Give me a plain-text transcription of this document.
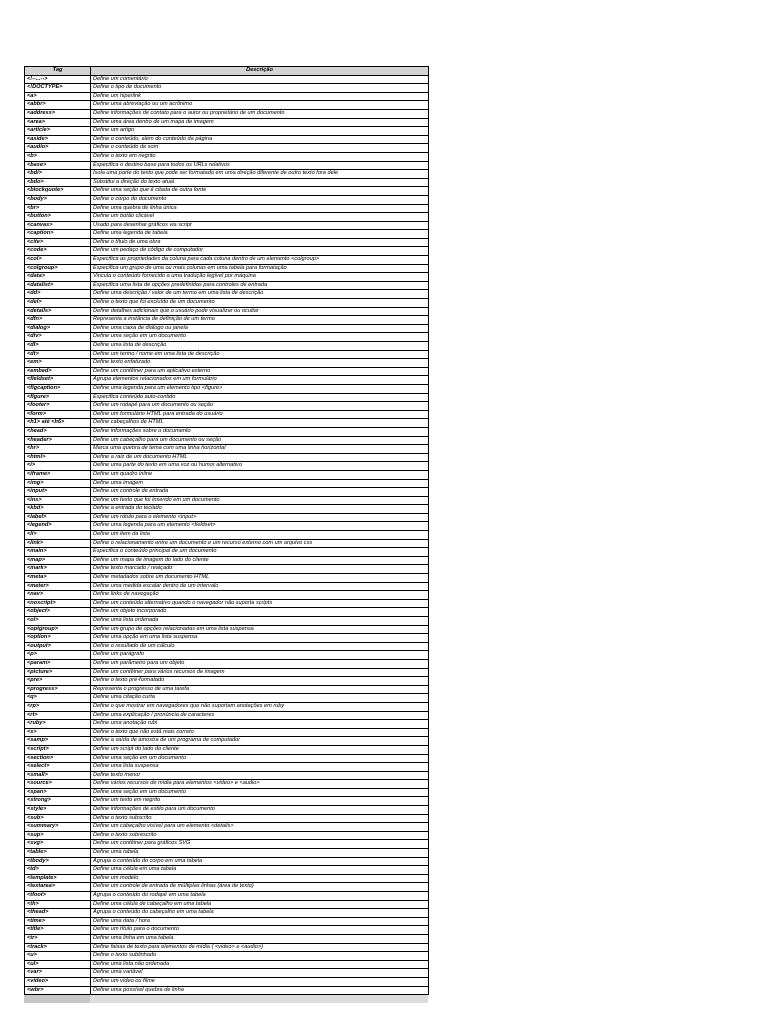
Tag	Descrição
<!--...-->	Define um comentário
<!DOCTYPE>	Define o tipo de documento
<a>	Define um hiperlink
<abbr>	Define uma abreviação ou um acrônimo
<address>	Define informações de contato para o autor ou proprietário de um documento
<area>	Define uma área dentro de um mapa de imagem
<article>	Define um artigo
<aside>	Define o conteúdo, além do conteúdo da página
<audio>	Define o conteúdo de som
<b>	Define o texto em negrito
<base>	Especifica o destino base para todos os URLs relativos
<bdi>	Isola uma parte do texto que pode ser formatado em uma direção diferente de outro texto fora dele
<bdo>	Substitui a direção do texto atual
<blockquote>	Define uma seção que é citada de outra fonte
<body>	Define o corpo do documento
<br>	Define uma quebra de linha única
<button>	Define um botão clicável
<canvas>	Usado para desenhar gráficos via script
<caption>	Define uma legenda de tabela
<cite>	Define o título de uma obra
<code>	Define um pedaço de código de computador
<col>	Especifica as propriedades da coluna para cada coluna dentro de um elemento <colgroup>
<colgroup>	Especifica um grupo de uma ou mais colunas em uma tabela para formatação
<data>	Vincula o conteúdo fornecido a uma tradução legível por máquina
<datalist>	Especifica uma lista de opções predefinidas para controles de entrada
<dd>	Define uma descrição / valor de um termo em uma lista de descrição
<del>	Define o texto que foi excluído de um documento
<details>	Define detalhes adicionais que o usuário pode visualizar ou ocultar
<dfn>	Representa a instância de definição de um termo
<dialog>	Define uma caixa de diálogo ou janela
<div>	Define uma seção em um documento
<dl>	Define uma lista de descrição
<dt>	Define um termo / nome em uma lista de descrição
<em>	Define texto enfatizado
<embed>	Define um contêiner para um aplicativo externo
<fieldset>	Agrupa elementos relacionados em um formulário
<figcaption>	Define uma legenda para um elemento tipo <figure>
<figure>	Especifica conteúdo auto-contido
<footer>	Define um rodapé para um documento ou seção
<form>	Define um formulário HTML para entrada do usuário
<h1> até <h6>	Define cabeçalhos de HTML
<head>	Define informações sobre o documento
<header>	Define um cabeçalho para um documento ou seção
<hr>	Marca uma quebra de tema com uma linha horizontal
<html>	Define a raiz de um documento HTML
<i>	Define uma parte do texto em uma voz ou humor alternativo
<iframe>	Define um quadro inline
<img>	Define uma imagem
<input>	Define um controle de entrada
<ins>	Define um texto que foi inserido em um documento
<kbd>	Define a entrada do teclado
<label>	Define um rótulo para o elemento <input>
<legend>	Define uma legenda para um elemento <fieldset>
<li>	Define um item da lista
<link>	Define o relacionamento entre um documento e um recurso externo com um arquivo css
<main>	Especifica o conteúdo principal de um documento
<map>	Define um mapa de imagem do lado do cliente
<mark>	Define texto marcado / realçado
<meta>	Define metadados sobre um documento HTML
<meter>	Define uma medida escalar dentro de um intervalo
<nav>	Define links de navegação
<noscript>	Define um conteúdo alternativo quando o navegador não suporta scripts
<object>	Define um objeto incorporado
<ol>	Define uma lista ordenada
<optgroup>	Define um grupo de opções relacionadas em uma lista suspensa
<option>	Define uma opção em uma lista suspensa
<output>	Define o resultado de um cálculo
<p>	Define um parágrafo
<param>	Define um parâmetro para um objeto
<picture>	Define um contêiner para vários recursos de imagem
<pre>	Define o texto pré-formatado
<progress>	Representa o progresso de uma tarefa
<q>	Define uma citação curta
<rp>	Define o que mostrar em navegadores que não suportam anotações em ruby
<rt>	Define uma explicação / pronúncia de caracteres
<ruby>	Define uma anotação rubi
<s>	Define o texto que não está mais correto
<samp>	Define a saída de amostra de um programa de computador
<script>	Define um script do lado do cliente
<section>	Define uma seção em um documento
<select>	Define uma lista suspensa
<small>	Define texto menor
<source>	Define vários recursos de mídia para elementos <video> e <audio>
<span>	Define uma seção em um documento
<strong>	Define um texto em negrito
<style>	Define informações de estilo para um documento
<sub>	Define o texto subscrito
<summary>	Define um cabeçalho visível para um elemento <details>
<sup>	Define o texto sobrescrito
<svg>	Define um contêiner para gráficos SVG
<table>	Define uma tabela
<tbody>	Agrupa o conteúdo do corpo em uma tabela
<td>	Define uma célula em uma tabela
<template>	Define um modelo
<textarea>	Define um controle de entrada de múltiplas linhas (área de texto)
<tfoot>	Agrupa o conteúdo do rodapé em uma tabela
<th>	Define uma célula de cabeçalho em uma tabela
<thead>	Agrupa o conteúdo do cabeçalho em uma tabela
<time>	Define uma data / hora
<title>	Define um título para o documento
<tr>	Define uma linha em uma tabela
<track>	Define faixas de texto para elementos de mídia ( <video> e <audio>)
<u>	Define o texto sublinhado
<ul>	Define uma lista não ordenada
<var>	Define uma variável
<video>	Define um vídeo ou filme
<wbr>	Define uma possível quebra de linha
